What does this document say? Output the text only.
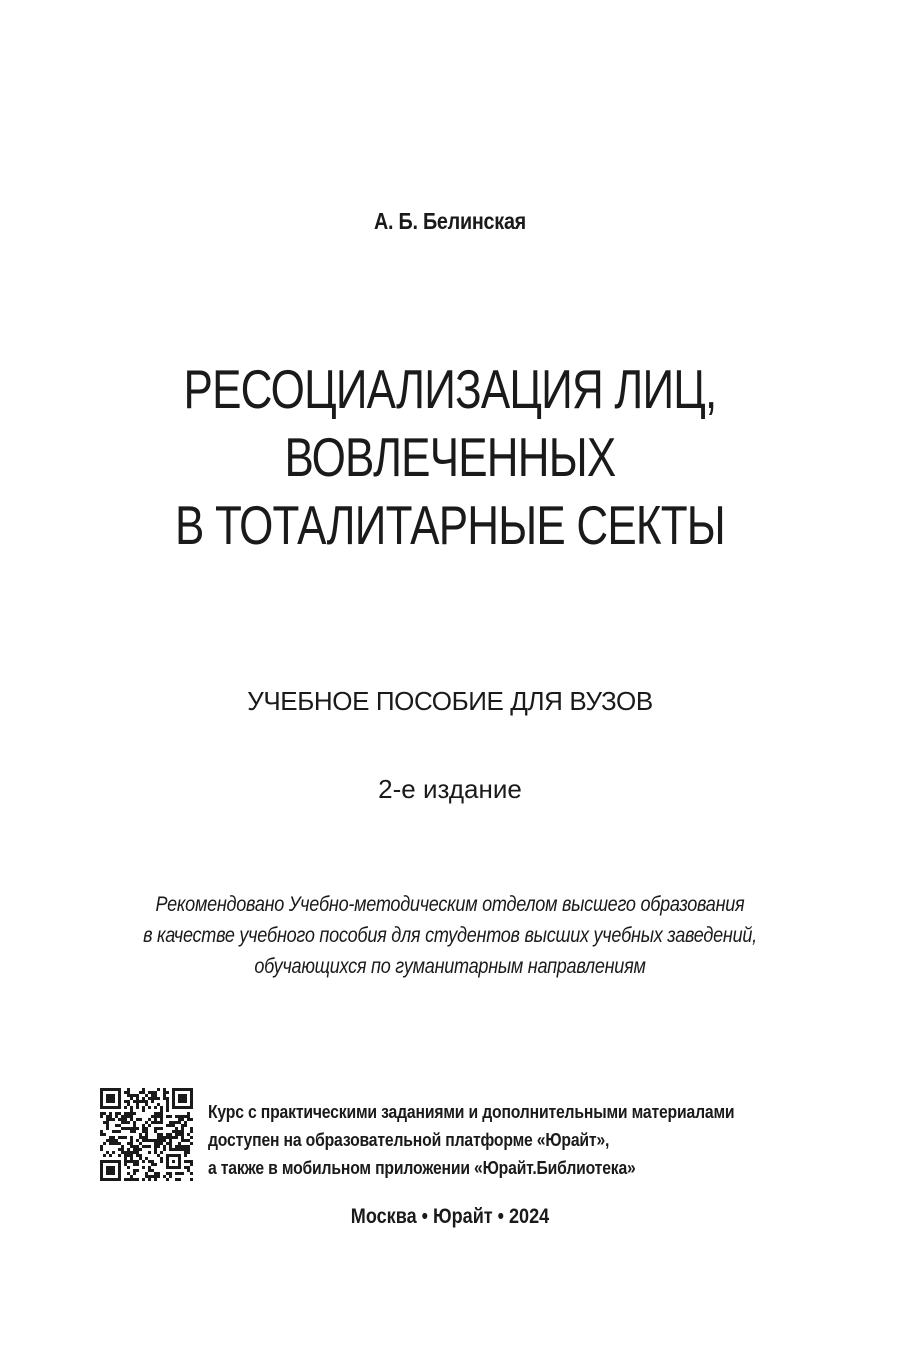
А. Б. Белинская
РЕСОЦИАЛИЗАЦИЯ ЛИЦ,
ВОВЛЕЧЕННЫХ
В ТОТАЛИТАРНЫЕ СЕКТЫ
УЧЕБНОЕ ПОСОБИЕ ДЛЯ ВУЗОВ
2-е издание
Рекомендовано Учебно-методическим отделом высшего образования
в качестве учебного пособия для студентов высших учебных заведений,
обучающихся по гуманитарным направлениям
Курс с практическими заданиями и дополнительными материалами
доступен на образовательной платформе «Юрайт»,
а также в мобильном приложении «Юрайт.Библиотека»
Москва • Юрайт • 2024
